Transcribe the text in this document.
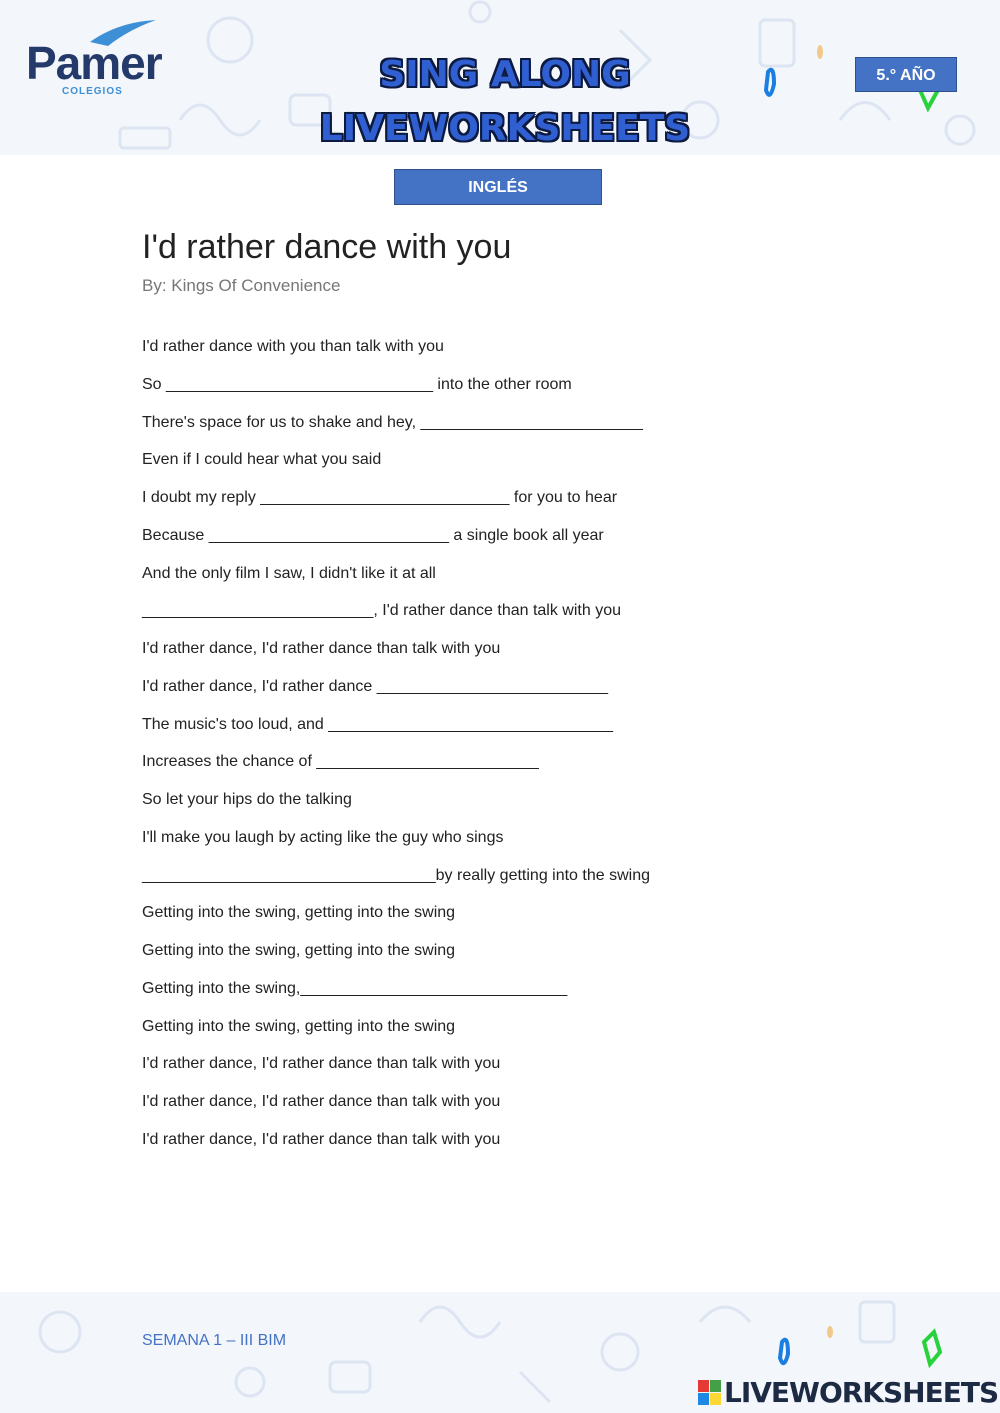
Pamer
COLEGIOS	SING ALONG
LIVEWORKSHEETS
5.° AÑO
INGLÉS
I'd rather dance with you
By: Kings Of Convenience
I'd rather dance with you than talk with you
So ______________________________ into the other room
There's space for us to shake and hey, _________________________
Even if I could hear what you said
I doubt my reply ____________________________ for you to hear
Because ___________________________ a single book all year
And the only film I saw, I didn't like it at all
__________________________, I'd rather dance than talk with you
I'd rather dance, I'd rather dance than talk with you
I'd rather dance, I'd rather dance __________________________
The music's too loud, and ________________________________
Increases the chance of _________________________
So let your hips do the talking
I'll make you laugh by acting like the guy who sings
_________________________________by really getting into the swing
Getting into the swing, getting into the swing
Getting into the swing, getting into the swing
Getting into the swing,______________________________
Getting into the swing, getting into the swing
I'd rather dance, I'd rather dance than talk with you
I'd rather dance, I'd rather dance than talk with you
I'd rather dance, I'd rather dance than talk with you
SEMANA 1 – III BIM
LIVEWORKSHEETS
